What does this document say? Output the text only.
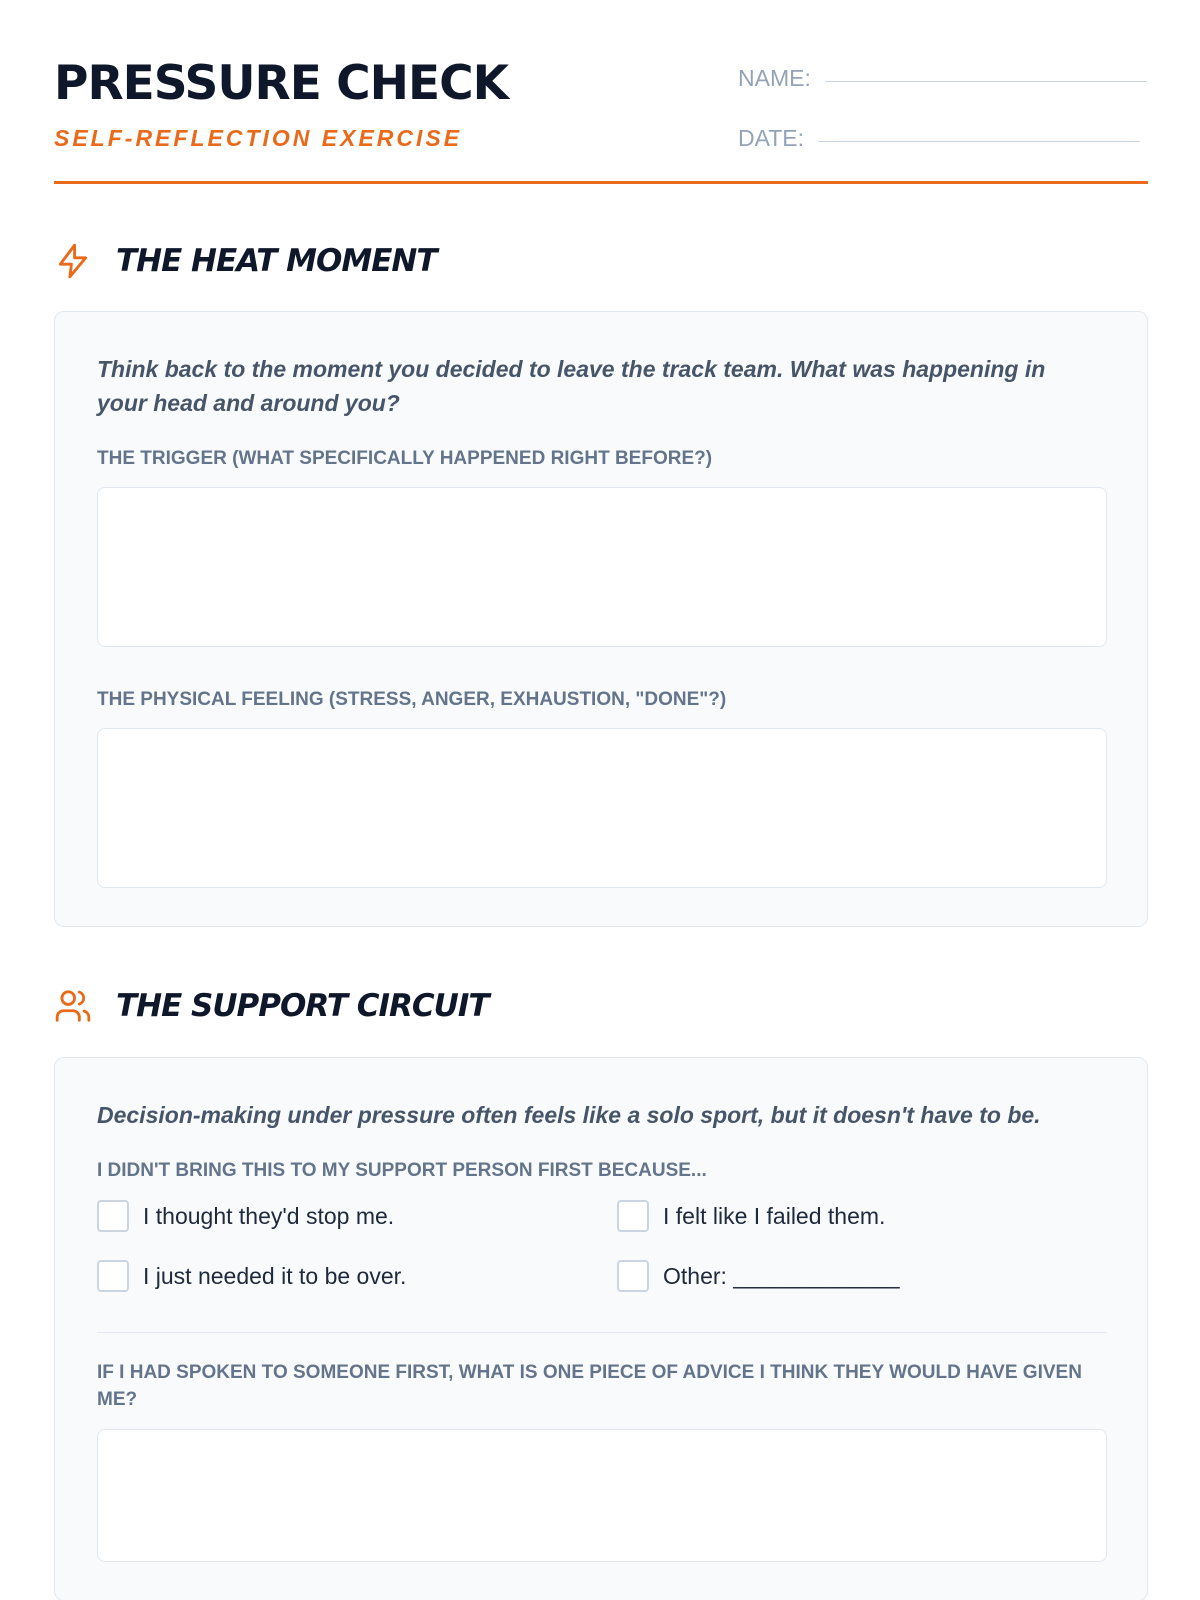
PRESSURE CHECK
SELF-REFLECTION EXERCISE
NAME:
DATE:
THE HEAT MOMENT
Think back to the moment you decided to leave the track team. What was happening in your head and around you?
THE TRIGGER (WHAT SPECIFICALLY HAPPENED RIGHT BEFORE?)
THE PHYSICAL FEELING (STRESS, ANGER, EXHAUSTION, "DONE"?)
THE SUPPORT CIRCUIT
Decision-making under pressure often feels like a solo sport, but it doesn't have to be.
I DIDN'T BRING THIS TO MY SUPPORT PERSON FIRST BECAUSE...
I thought they'd stop me.	I felt like I failed them.
I just needed it to be over.	Other: _____________
IF I HAD SPOKEN TO SOMEONE FIRST, WHAT IS ONE PIECE OF ADVICE I THINK THEY WOULD HAVE GIVEN ME?
